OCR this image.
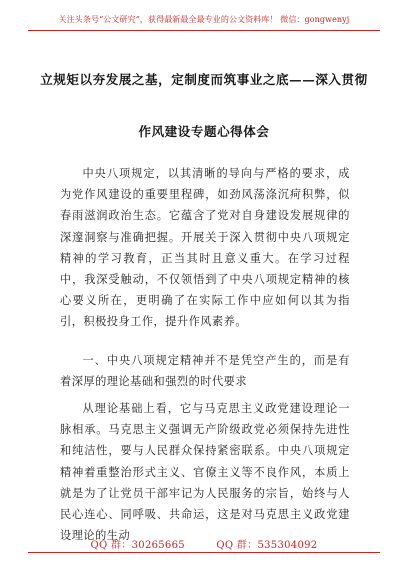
关注头条号“公文研究”，获得最新最全最专业的公文资料库！ 微信：gongwenyj
立规矩以夯发展之基，定制度而筑事业之底——深入贯彻
作风建设专题心得体会
中央八项规定，以其清晰的导向与严格的要求，成为党作风建设的重要里程碑，如劲风荡涤沉疴积弊，似春雨滋润政治生态。它蕴含了党对自身建设发展规律的深邃洞察与准确把握。开展关于深入贯彻中央八项规定精神的学习教育，正当其时且意义重大。在学习过程中，我深受触动，不仅领悟到了中央八项规定精神的核心要义所在，更明确了在实际工作中应如何以其为指引，积极投身工作，提升作风素养。
一、中央八项规定精神并不是凭空产生的，而是有着深厚的理论基础和强烈的时代要求
从理论基础上看，它与马克思主义政党建设理论一脉相承。马克思主义强调无产阶级政党必须保持先进性和纯洁性，要与人民群众保持紧密联系。中央八项规定精神着重整治形式主义、官僚主义等不良作风，本质上就是为了让党员干部牢记为人民服务的宗旨，始终与人民心连心、同呼吸、共命运，这是对马克思主义政党建设理论的生动
QQ 群：30265665	QQ 群：535304092
